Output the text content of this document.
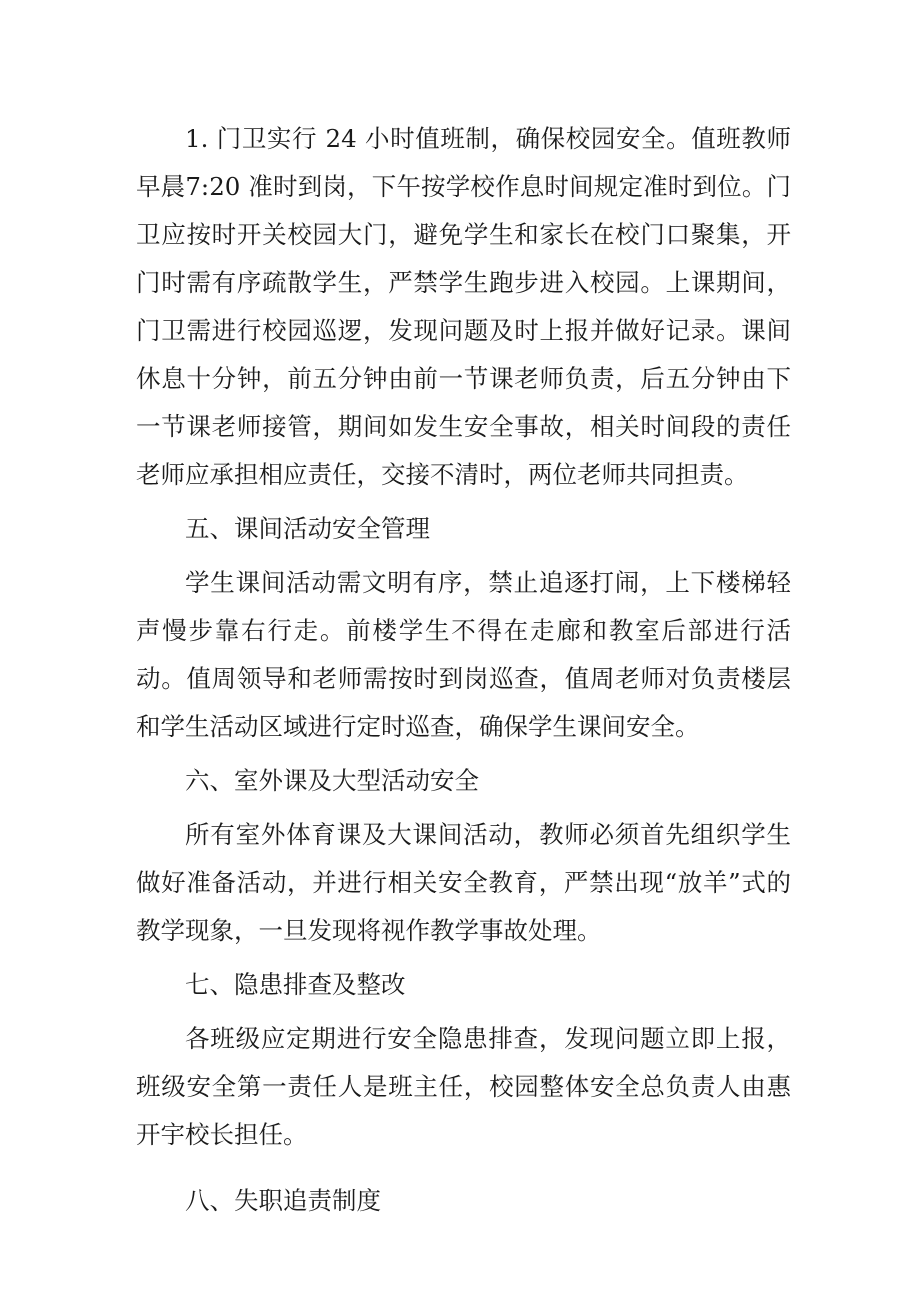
1. 门卫实行 24 小时值班制，确保校园安全。值班教师早晨7:20 准时到岗，下午按学校作息时间规定准时到位。门卫应按时开关校园大门，避免学生和家长在校门口聚集，开门时需有序疏散学生，严禁学生跑步进入校园。上课期间，门卫需进行校园巡逻，发现问题及时上报并做好记录。课间休息十分钟，前五分钟由前一节课老师负责，后五分钟由下一节课老师接管，期间如发生安全事故，相关时间段的责任老师应承担相应责任，交接不清时，两位老师共同担责。

五、课间活动安全管理

学生课间活动需文明有序，禁止追逐打闹，上下楼梯轻声慢步靠右行走。前楼学生不得在走廊和教室后部进行活动。值周领导和老师需按时到岗巡查，值周老师对负责楼层和学生活动区域进行定时巡查，确保学生课间安全。

六、室外课及大型活动安全

所有室外体育课及大课间活动，教师必须首先组织学生做好准备活动，并进行相关安全教育，严禁出现“放羊”式的教学现象，一旦发现将视作教学事故处理。

七、隐患排查及整改

各班级应定期进行安全隐患排查，发现问题立即上报，班级安全第一责任人是班主任，校园整体安全总负责人由惠开宇校长担任。

八、失职追责制度
